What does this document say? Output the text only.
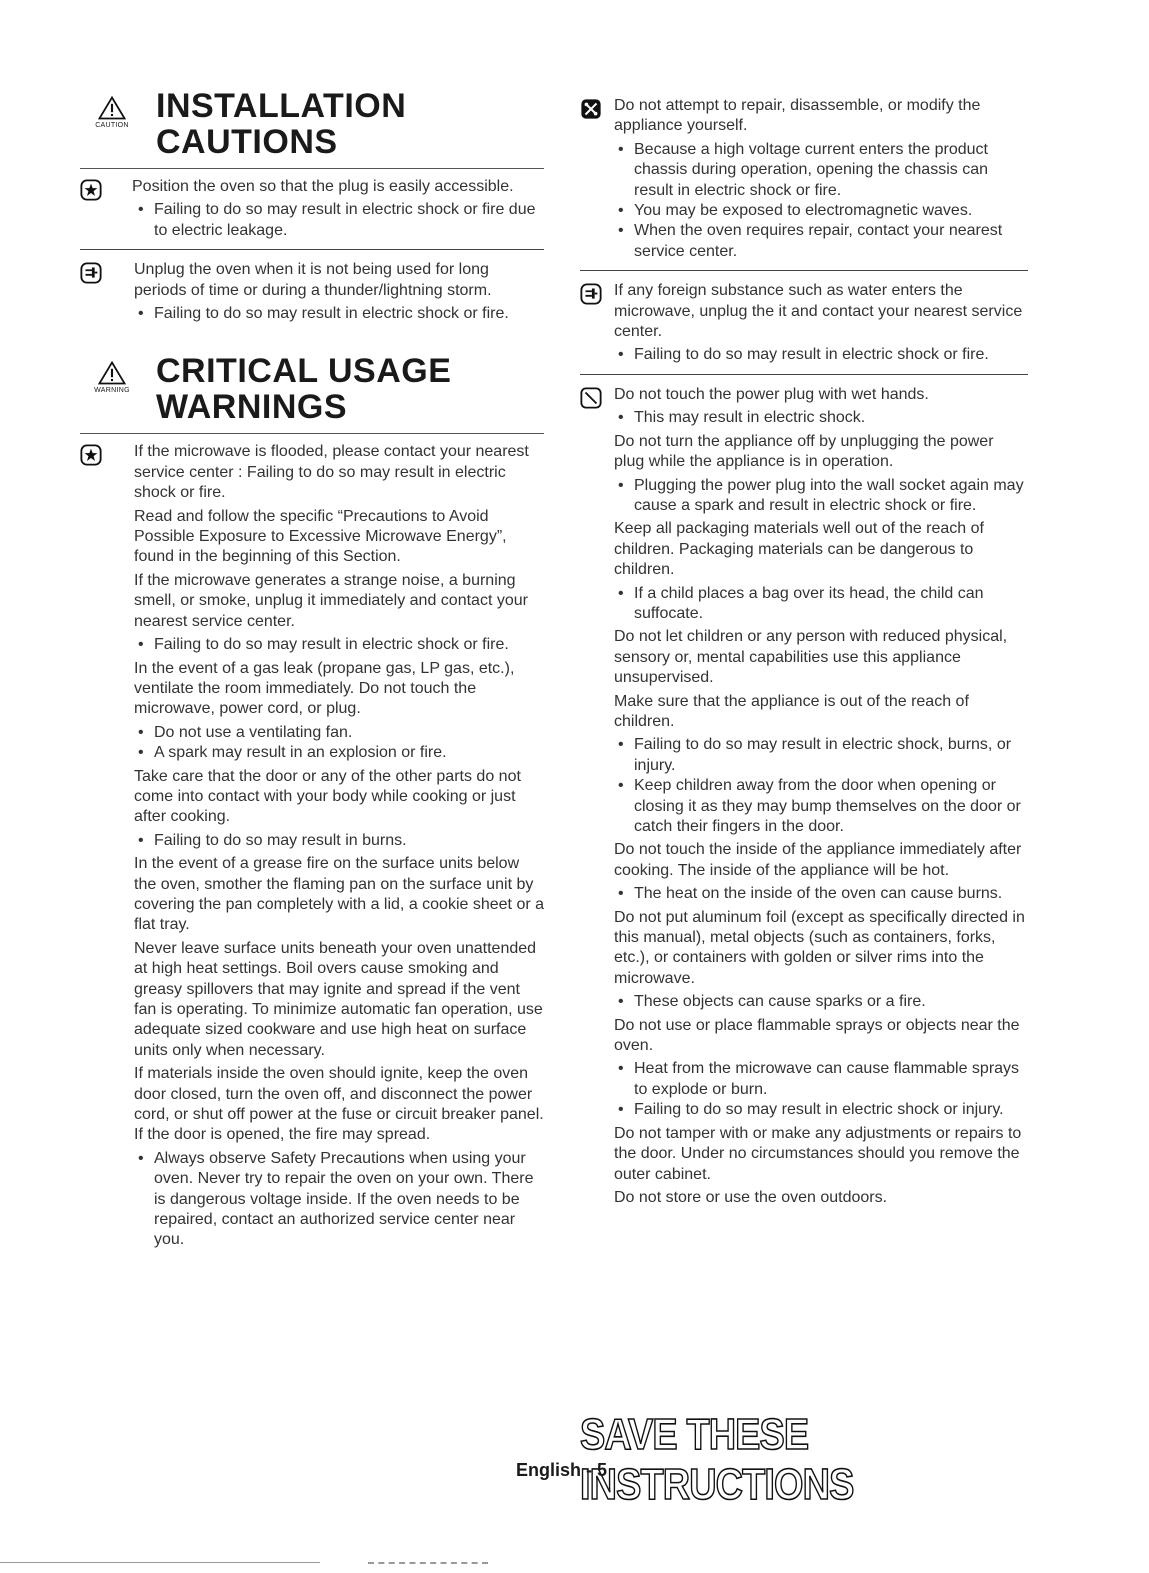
CAUTION
INSTALLATION
CAUTIONS

Position the oven so that the plug is easily accessible.

• Failing to do so may result in electric shock or fire due to electric leakage.

Unplug the oven when it is not being used for long periods of time or during a thunder/lightning storm.

• Failing to do so may result in electric shock or fire.
WARNING
CRITICAL USAGE
WARNINGS

If the microwave is flooded, please contact your nearest service center : Failing to do so may result in electric shock or fire.

Read and follow the specific “Precautions to Avoid Possible Exposure to Excessive Microwave Energy”, found in the beginning of this Section.

If the microwave generates a strange noise, a burning smell, or smoke, unplug it immediately and contact your nearest service center.

• Failing to do so may result in electric shock or fire.

In the event of a gas leak (propane gas, LP gas, etc.), ventilate the room immediately. Do not touch the microwave, power cord, or plug.

• Do not use a ventilating fan.
• A spark may result in an explosion or fire.

Take care that the door or any of the other parts do not come into contact with your body while cooking or just after cooking.

• Failing to do so may result in burns.

In the event of a grease fire on the surface units below the oven, smother the flaming pan on the surface unit by covering the pan completely with a lid, a cookie sheet or a flat tray.

Never leave surface units beneath your oven unattended at high heat settings. Boil overs cause smoking and greasy spillovers that may ignite and spread if the vent fan is operating. To minimize automatic fan operation, use adequate sized cookware and use high heat on surface units only when necessary.

If materials inside the oven should ignite, keep the oven door closed, turn the oven off, and disconnect the power cord, or shut off power at the fuse or circuit breaker panel. If the door is opened, the fire may spread.

• Always observe Safety Precautions when using your oven. Never try to repair the oven on your own. There is dangerous voltage inside. If the oven needs to be repaired, contact an authorized service center near you.

Do not attempt to repair, disassemble, or modify the appliance yourself.

• Because a high voltage current enters the product chassis during operation, opening the chassis can result in electric shock or fire.
• You may be exposed to electromagnetic waves.
• When the oven requires repair, contact your nearest service center.

If any foreign substance such as water enters the microwave, unplug the it and contact your nearest service center.

• Failing to do so may result in electric shock or fire.

Do not touch the power plug with wet hands.

• This may result in electric shock.

Do not turn the appliance off by unplugging the power plug while the appliance is in operation.

• Plugging the power plug into the wall socket again may cause a spark and result in electric shock or fire.

Keep all packaging materials well out of the reach of children. Packaging materials can be dangerous to children.

• If a child places a bag over its head, the child can suffocate.

Do not let children or any person with reduced physical, sensory or, mental capabilities use this appliance unsupervised.

Make sure that the appliance is out of the reach of children.

• Failing to do so may result in electric shock, burns, or injury.
• Keep children away from the door when opening or closing it as they may bump themselves on the door or catch their fingers in the door.

Do not touch the inside of the appliance immediately after cooking. The inside of the appliance will be hot.

• The heat on the inside of the oven can cause burns.

Do not put aluminum foil (except as specifically directed in this manual), metal objects (such as containers, forks, etc.), or containers with golden or silver rims into the microwave.

• These objects can cause sparks or a fire.

Do not use or place flammable sprays or objects near the oven.

• Heat from the microwave can cause flammable sprays to explode or burn.
• Failing to do so may result in electric shock or injury.

Do not tamper with or make any adjustments or repairs to the door. Under no circumstances should you remove the outer cabinet.

Do not store or use the oven outdoors.

SAVE THESE INSTRUCTIONS
English - 5
